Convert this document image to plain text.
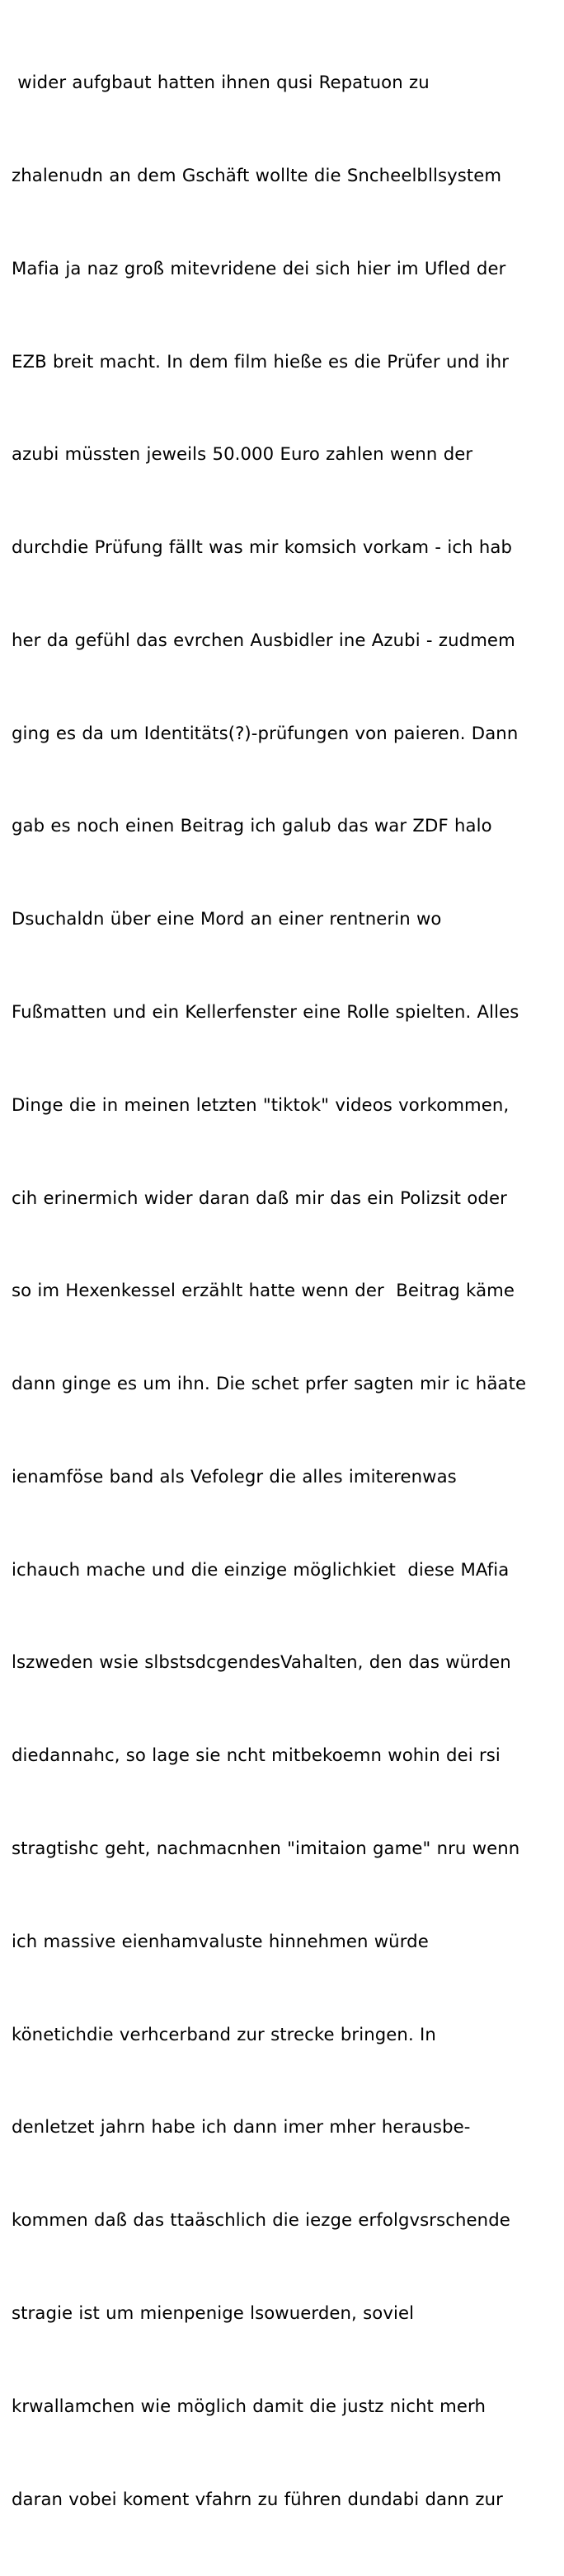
wider aufgbaut hatten ihnen qusi Repatuon zu

zhalenudn an dem Gschäft wollte die Sncheelbllsystem

Mafia ja naz groß mitevridene dei sich hier im Ufled der

EZB breit macht. In dem film hieße es die Prüfer und ihr

azubi müssten jeweils 50.000 Euro zahlen wenn der

durchdie Prüfung fällt was mir komsich vorkam - ich hab

her da gefühl das evrchen Ausbidler ine Azubi - zudmem

ging es da um Identitäts(?)-prüfungen von paieren. Dann

gab es noch einen Beitrag ich galub das war ZDF halo

Dsuchaldn über eine Mord an einer rentnerin wo

Fußmatten und ein Kellerfenster eine Rolle spielten. Alles

Dinge die in meinen letzten "tiktok" videos vorkommen,

cih erinermich wider daran daß mir das ein Polizsit oder

so im Hexenkessel erzählt hatte wenn der  Beitrag käme

dann ginge es um ihn. Die schet prfer sagten mir ic häate

ienamföse band als Vefolegr die alles imiterenwas

ichauch mache und die einzige möglichkiet  diese MAfia

lszweden wsie slbstsdcgendesVahalten, den das würden

diedannahc, so lage sie ncht mitbekoemn wohin dei rsi

stragtishc geht, nachmacnhen "imitaion game" nru wenn

ich massive eienhamvaluste hinnehmen würde

könetichdie verhcerband zur strecke bringen. In

denletzet jahrn habe ich dann imer mher herausbe-

kommen daß das ttaäschlich die iezge erfolgvsrschende

stragie ist um mienpenige lsowuerden, soviel

krwallamchen wie möglich damit die justz nicht merh

daran vobei koment vfahrn zu führen dundabi dann zur
